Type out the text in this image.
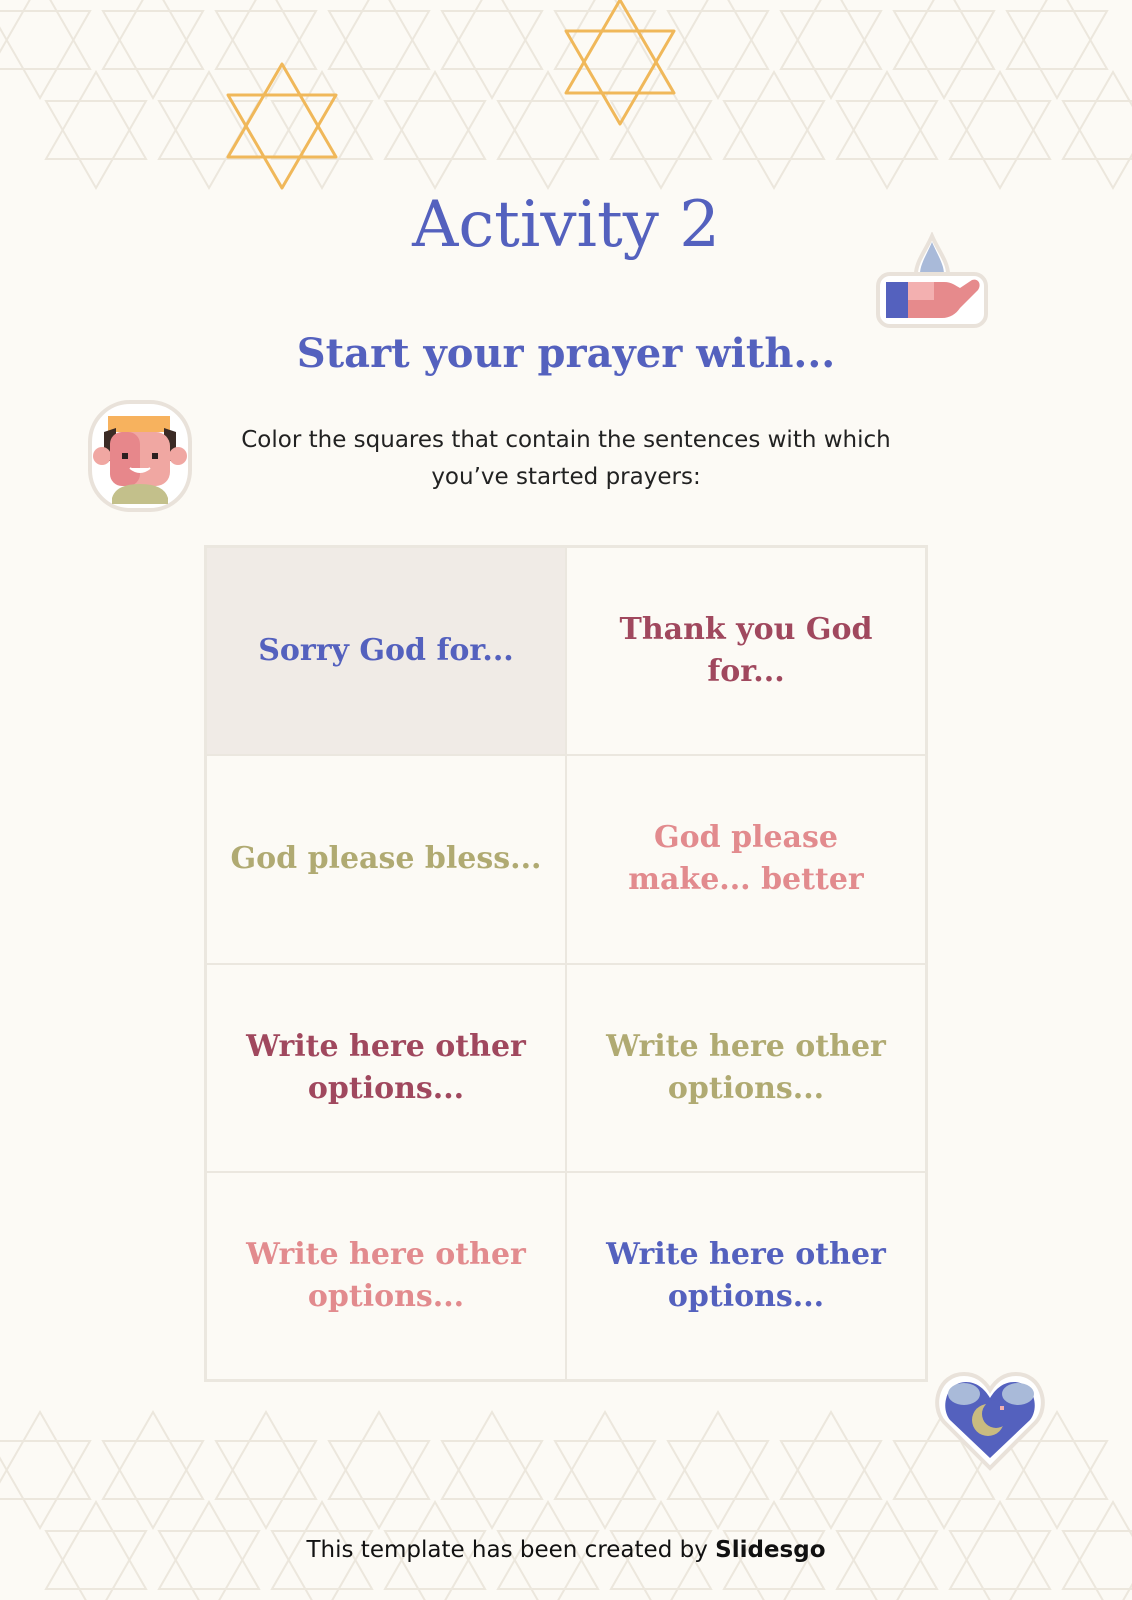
Activity 2
Start your prayer with...

Color the squares that contain the sentences with which you’ve started prayers:

Sorry God for...
Thank you God for...
God please bless...
God please make... better
Write here other options...
Write here other options...
Write here other options...
Write here other options...
This template has been created by Slidesgo
